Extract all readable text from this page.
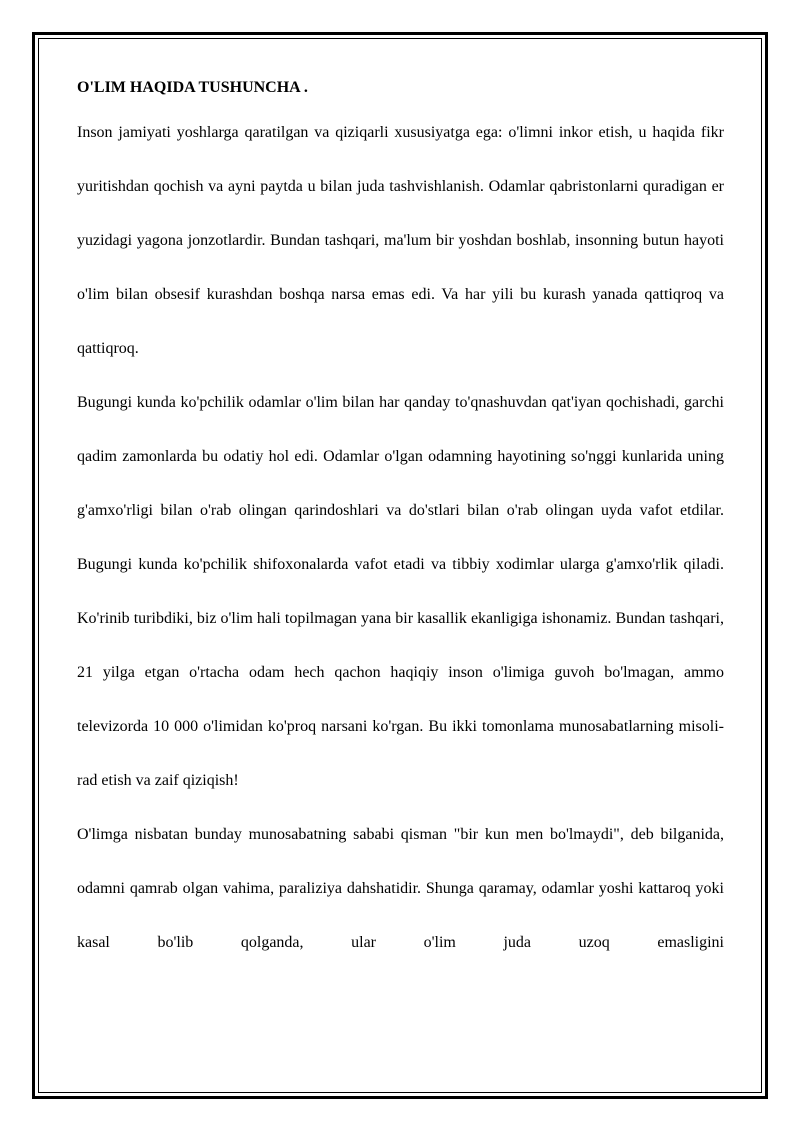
O'LIM HAQIDA TUSHUNCHA .

Inson jamiyati yoshlarga qaratilgan va qiziqarli xususiyatga ega: o'limni inkor etish, u haqida fikr yuritishdan qochish va ayni paytda u bilan juda tashvishlanish. Odamlar qabristonlarni quradigan er yuzidagi yagona jonzotlardir. Bundan tashqari, ma'lum bir yoshdan boshlab, insonning butun hayoti o'lim bilan obsesif kurashdan boshqa narsa emas edi. Va har yili bu kurash yanada qattiqroq va qattiqroq.

Bugungi kunda ko'pchilik odamlar o'lim bilan har qanday to'qnashuvdan qat'iyan qochishadi, garchi qadim zamonlarda bu odatiy hol edi. Odamlar o'lgan odamning hayotining so'nggi kunlarida uning g'amxo'rligi bilan o'rab olingan qarindoshlari va do'stlari bilan o'rab olingan uyda vafot etdilar. Bugungi kunda ko'pchilik shifoxonalarda vafot etadi va tibbiy xodimlar ularga g'amxo'rlik qiladi. Ko'rinib turibdiki, biz o'lim hali topilmagan yana bir kasallik ekanligiga ishonamiz. Bundan tashqari, 21 yilga etgan o'rtacha odam hech qachon haqiqiy inson o'limiga guvoh bo'lmagan, ammo televizorda 10 000 o'limidan ko'proq narsani ko'rgan. Bu ikki tomonlama munosabatlarning misoli-rad etish va zaif qiziqish!

O'limga nisbatan bunday munosabatning sababi qisman "bir kun men bo'lmaydi", deb bilganida, odamni qamrab olgan vahima, paraliziya dahshatidir. Shunga qaramay, odamlar yoshi kattaroq yoki kasal bo'lib qolganda, ular o'lim juda uzoq emasligini
